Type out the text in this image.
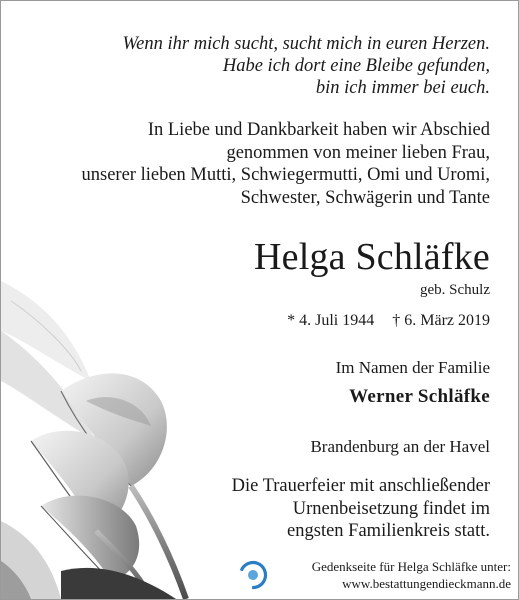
Wenn ihr mich sucht, sucht mich in euren Herzen.
Habe ich dort eine Bleibe gefunden,
bin ich immer bei euch.
In Liebe und Dankbarkeit haben wir Abschied
genommen von meiner lieben Frau,
unserer lieben Mutti, Schwiegermutti, Omi und Uromi,
Schwester, Schwägerin und Tante
Helga Schläfke
geb. Schulz
* 4. Juli 1944 † 6. März 2019
Im Namen der Familie
Werner Schläfke
Brandenburg an der Havel
Die Trauerfeier mit anschließender
Urnenbeisetzung findet im
engsten Familienkreis statt.
Gedenkseite für Helga Schläfke unter:
www.bestattungendieckmann.de
